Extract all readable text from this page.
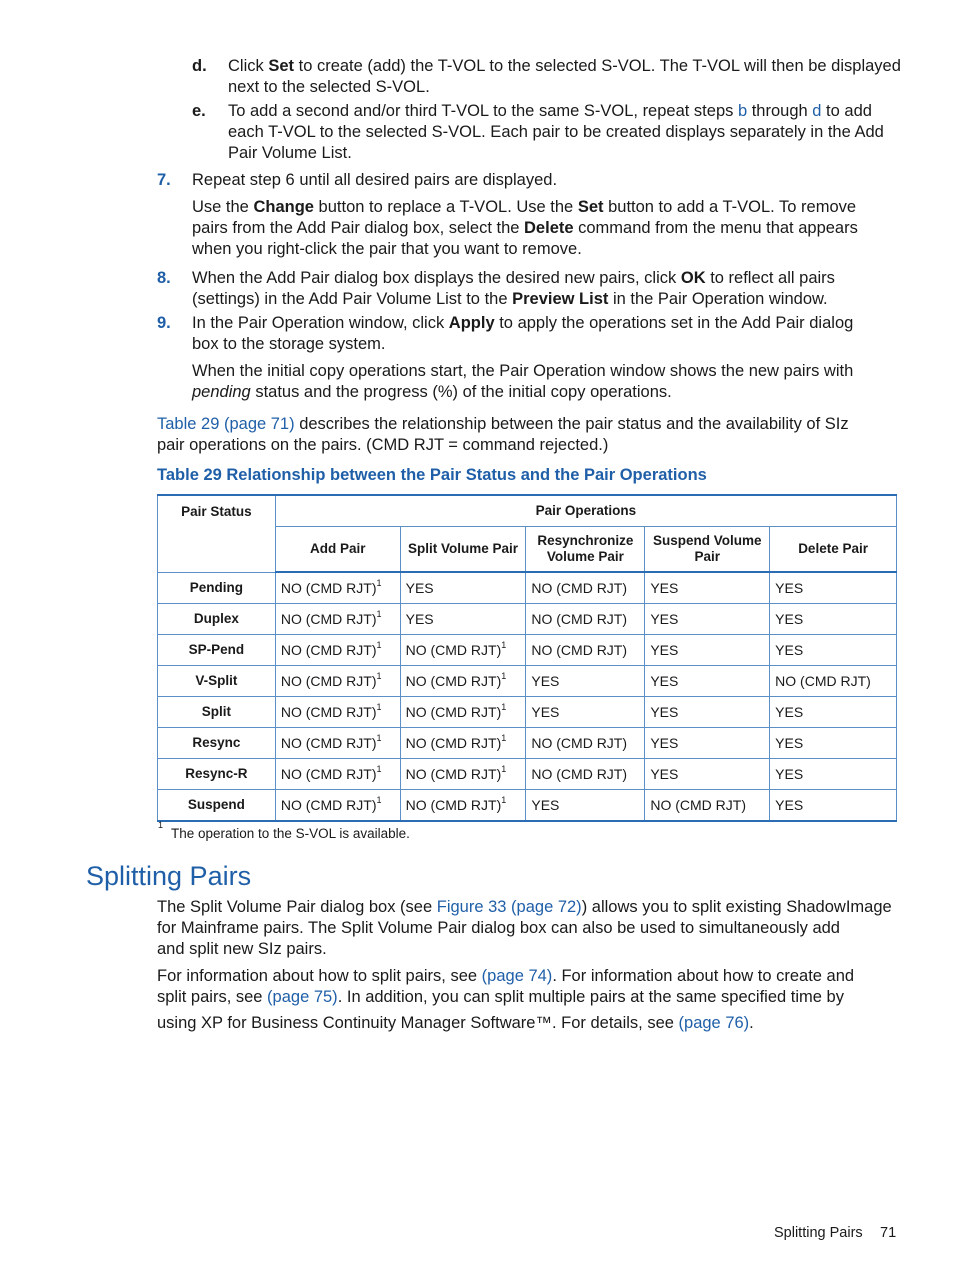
d. Click Set to create (add) the T-VOL to the selected S-VOL. The T-VOL will then be displayed
next to the selected S-VOL.
e. To add a second and/or third T-VOL to the same S-VOL, repeat steps b through d to add
each T-VOL to the selected S-VOL. Each pair to be created displays separately in the Add
Pair Volume List.
7. Repeat step 6 until all desired pairs are displayed.
Use the Change button to replace a T-VOL. Use the Set button to add a T-VOL. To remove
pairs from the Add Pair dialog box, select the Delete command from the menu that appears
when you right-click the pair that you want to remove.
8. When the Add Pair dialog box displays the desired new pairs, click OK to reflect all pairs
(settings) in the Add Pair Volume List to the Preview List in the Pair Operation window.
9. In the Pair Operation window, click Apply to apply the operations set in the Add Pair dialog
box to the storage system.
When the initial copy operations start, the Pair Operation window shows the new pairs with
pending status and the progress (%) of the initial copy operations.
Table 29 (page 71) describes the relationship between the pair status and the availability of SIz
pair operations on the pairs. (CMD RJT = command rejected.)
Table 29 Relationship between the Pair Status and the Pair Operations
Pair Status	Pair Operations				
	Add Pair	Split Volume Pair	Resynchronize Volume Pair	Suspend Volume Pair	Delete Pair
Pending	NO (CMD RJT)$^1$	YES	NO (CMD RJT)	YES	YES
Duplex	NO (CMD RJT)$^1$	YES	NO (CMD RJT)	YES	YES
SP-Pend	NO (CMD RJT)$^1$	NO (CMD RJT)$^1$	NO (CMD RJT)	YES	YES
V-Split	NO (CMD RJT)$^1$	NO (CMD RJT)$^1$	YES	YES	NO (CMD RJT)
Split	NO (CMD RJT)$^1$	NO (CMD RJT)$^1$	YES	YES	YES
Resync	NO (CMD RJT)$^1$	NO (CMD RJT)$^1$	NO (CMD RJT)	YES	YES
Resync-R	NO (CMD RJT)$^1$	NO (CMD RJT)$^1$	NO (CMD RJT)	YES	YES
Suspend	NO (CMD RJT)$^1$	NO (CMD RJT)$^1$	YES	NO (CMD RJT)	YES
1
The operation to the S-VOL is available.
Splitting Pairs
The Split Volume Pair dialog box (see Figure 33 (page 72)) allows you to split existing ShadowImage
for Mainframe pairs. The Split Volume Pair dialog box can also be used to simultaneously add
and split new SIz pairs.
For information about how to split pairs, see (page 74). For information about how to create and
split pairs, see (page 75). In addition, you can split multiple pairs at the same specified time by
using XP for Business Continuity Manager Software™. For details, see (page 76).
Splitting Pairs 71
